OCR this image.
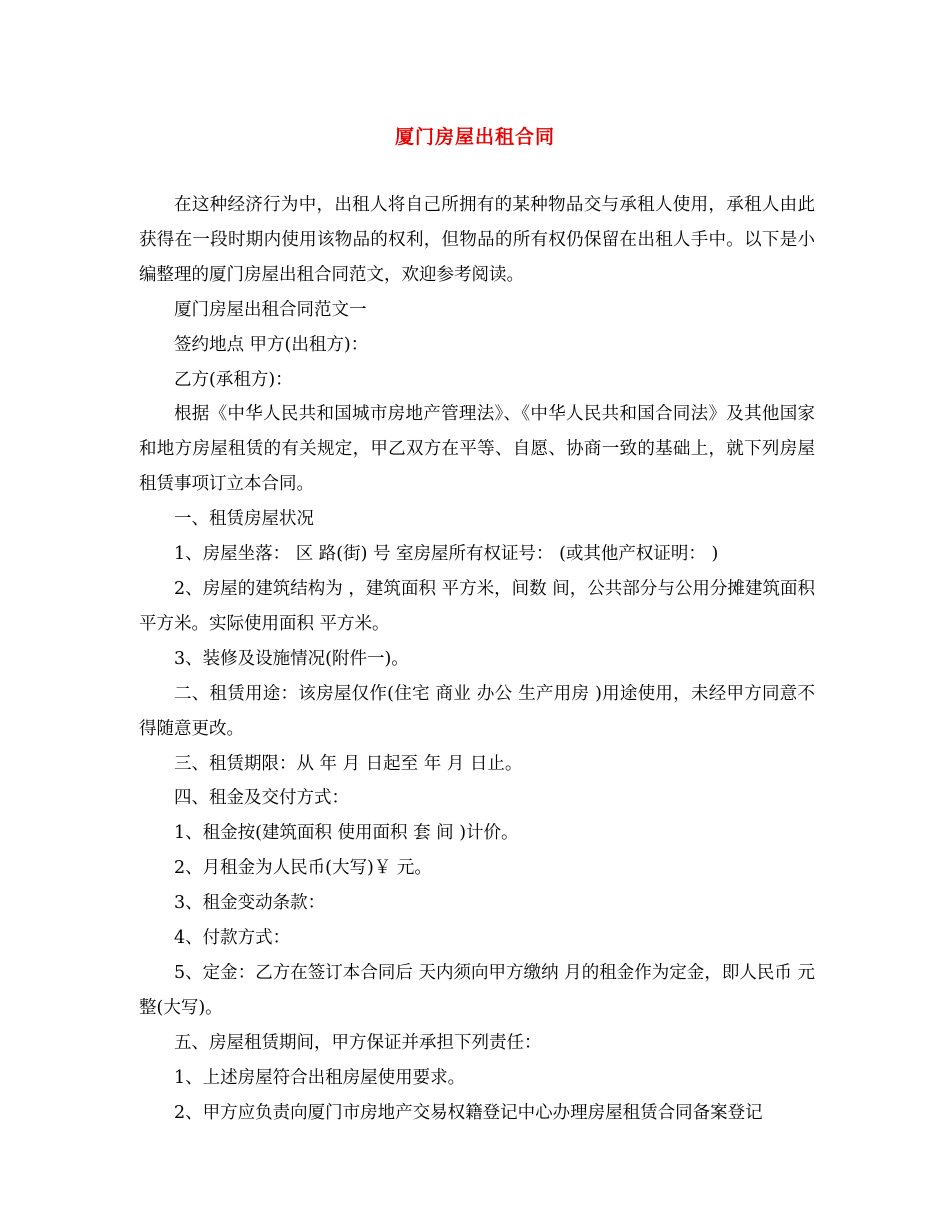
厦门房屋出租合同

在这种经济行为中，出租人将自己所拥有的某种物品交与承租人使用，承租人由此获得在一段时期内使用该物品的权利，但物品的所有权仍保留在出租人手中。以下是小编整理的厦门房屋出租合同范文，欢迎参考阅读。

厦门房屋出租合同范文一

签约地点 甲方(出租方)：

乙方(承租方)：

根据《中华人民共和国城市房地产管理法》、《中华人民共和国合同法》及其他国家和地方房屋租赁的有关规定，甲乙双方在平等、自愿、协商一致的基础上，就下列房屋租赁事项订立本合同。

一、租赁房屋状况

1、房屋坐落： 区 路(街) 号 室房屋所有权证号： (或其他产权证明： )

2、房屋的建筑结构为 ，建筑面积 平方米，间数 间，公共部分与公用分摊建筑面积 平方米。实际使用面积 平方米。

3、装修及设施情况(附件一)。

二、租赁用途：该房屋仅作(住宅 商业 办公 生产用房 )用途使用，未经甲方同意不得随意更改。

三、租赁期限：从 年 月 日起至 年 月 日止。

四、租金及交付方式：

1、租金按(建筑面积 使用面积 套 间 )计价。

2、月租金为人民币(大写)￥ 元。

3、租金变动条款：

4、付款方式：

5、定金：乙方在签订本合同后 天内须向甲方缴纳 月的租金作为定金，即人民币 元整(大写)。

五、房屋租赁期间，甲方保证并承担下列责任：

1、上述房屋符合出租房屋使用要求。

2、甲方应负责向厦门市房地产交易权籍登记中心办理房屋租赁合同备案登记
